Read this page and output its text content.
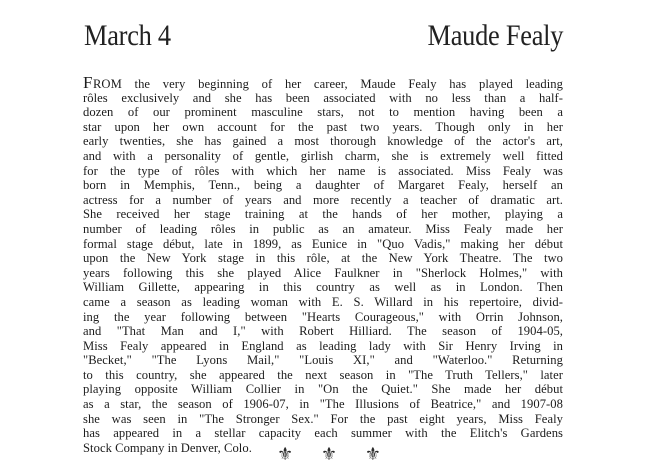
March 4	Maude Fealy

FROM the very beginning of her career, Maude Fealy has played leading
rôles exclusively and she has been associated with no less than a half-
dozen of our prominent masculine stars, not to mention having been a
star upon her own account for the past two years. Though only in her
early twenties, she has gained a most thorough knowledge of the actor's art,
and with a personality of gentle, girlish charm, she is extremely well fitted
for the type of rôles with which her name is associated. Miss Fealy was
born in Memphis, Tenn., being a daughter of Margaret Fealy, herself an
actress for a number of years and more recently a teacher of dramatic art.
She received her stage training at the hands of her mother, playing a
number of leading rôles in public as an amateur. Miss Fealy made her
formal stage début, late in 1899, as Eunice in "Quo Vadis," making her début
upon the New York stage in this rôle, at the New York Theatre. The two
years following this she played Alice Faulkner in "Sherlock Holmes," with
William Gillette, appearing in this country as well as in London. Then
came a season as leading woman with E. S. Willard in his repertoire, divid-
ing the year following between "Hearts Courageous," with Orrin Johnson,
and "That Man and I," with Robert Hilliard. The season of 1904-05,
Miss Fealy appeared in England as leading lady with Sir Henry Irving in
"Becket," "The Lyons Mail," "Louis XI," and "Waterloo." Returning
to this country, she appeared the next season in "The Truth Tellers," later
playing opposite William Collier in "On the Quiet." She made her début
as a star, the season of 1906-07, in "The Illusions of Beatrice," and 1907-08
she was seen in "The Stronger Sex." For the past eight years, Miss Fealy
has appeared in a stellar capacity each summer with the Elitch's Gardens
Stock Company in Denver, Colo.	⚜ ⚜ ⚜
